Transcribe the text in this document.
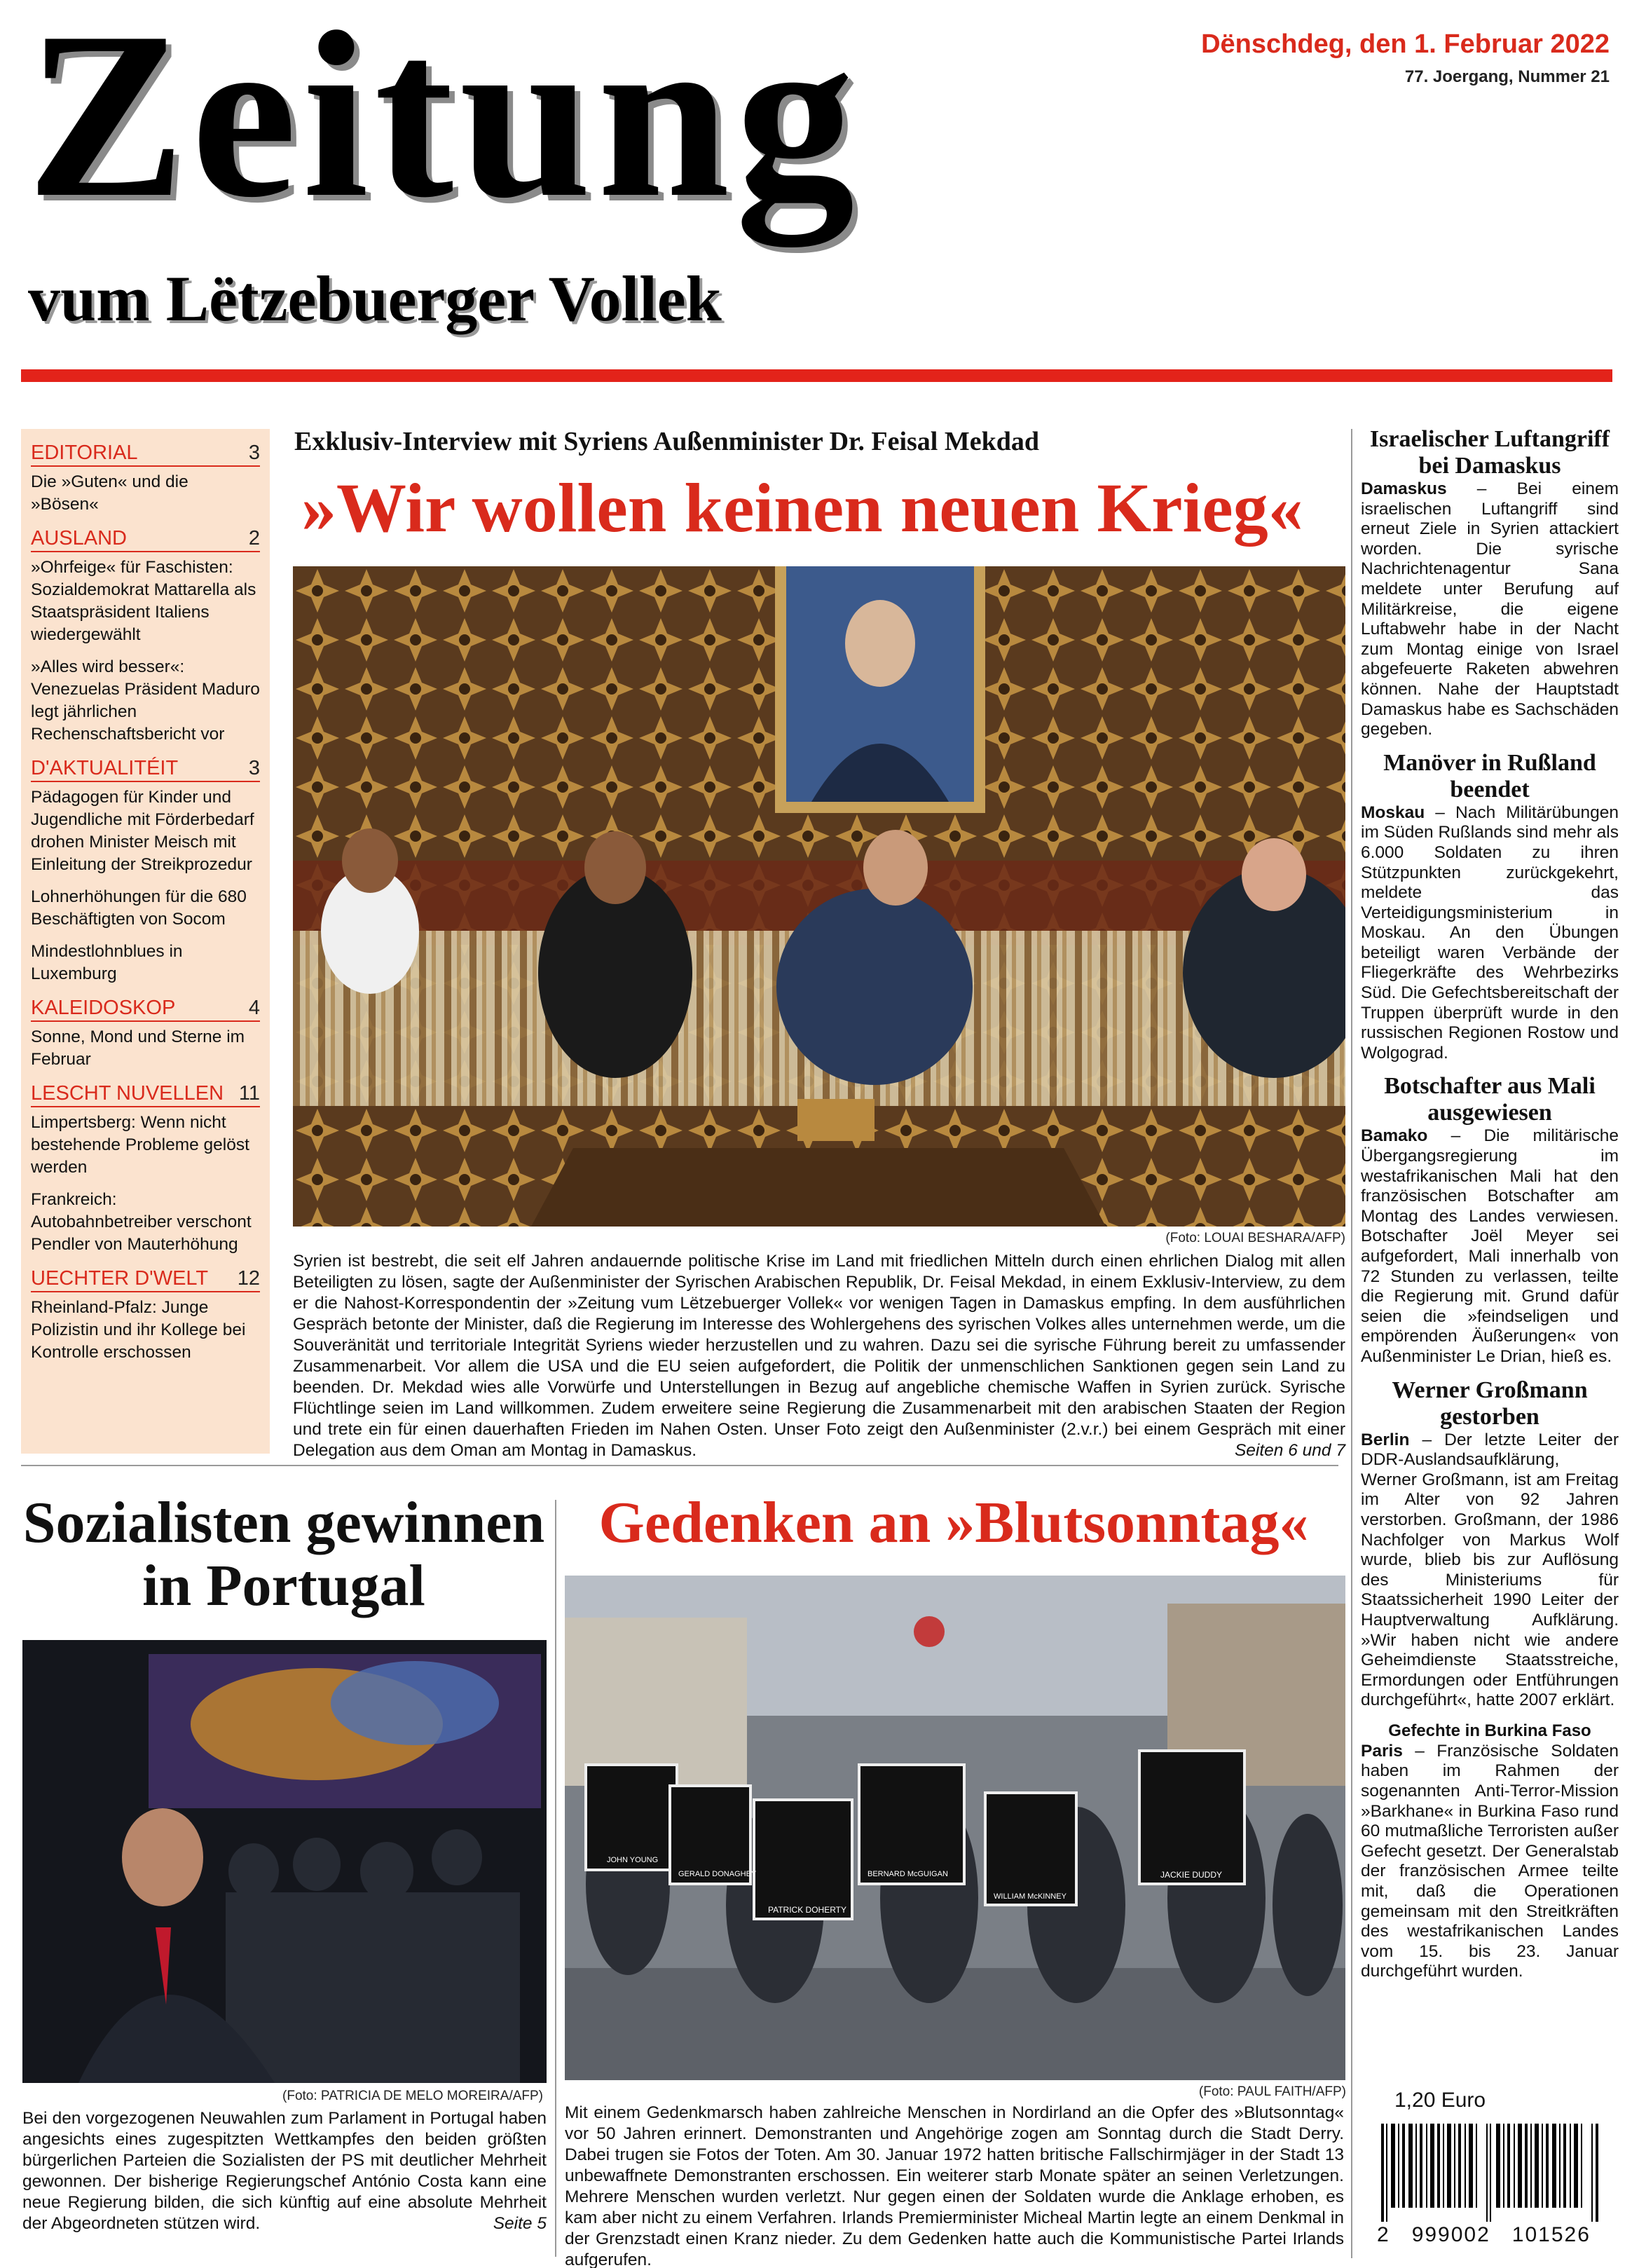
Zeitung
vum Lëtzebuerger Vollek
Dënschdeg, den 1. Februar 2022
77. Joergang, Nummer 21
EDITORIAL	3
Die »Guten« und die »Bösen«
AUSLAND	2
»Ohrfeige« für Faschisten: Sozialdemokrat Mattarella als Staatspräsident Italiens wiedergewählt
»Alles wird besser«: Venezuelas Präsident Maduro legt jährlichen Rechenschaftsbericht vor
D'AKTUALITÉIT	3
Pädagogen für Kinder und Jugendliche mit Förderbedarf drohen Minister Meisch mit Einleitung der Streikprozedur
Lohnerhöhungen für die 680 Beschäftigten von Socom
Mindestlohnblues in Luxemburg
KALEIDOSKOP	4
Sonne, Mond und Sterne im Februar
LESCHT NUVELLEN 11
Limpertsberg: Wenn nicht bestehende Probleme gelöst werden
Frankreich: Autobahnbetreiber verschont Pendler von Mauterhöhung
UECHTER D'WELT 12
Rheinland-Pfalz: Junge Polizistin und ihr Kollege bei Kontrolle erschossen
Exklusiv-Interview mit Syriens Außenminister Dr. Feisal Mekdad
»Wir wollen keinen neuen Krieg«
(Foto: LOUAI BESHARA/AFP)
Syrien ist bestrebt, die seit elf Jahren andauernde politische Krise im Land mit friedlichen Mitteln durch einen ehrlichen Dialog mit allen Beteiligten zu lösen, sagte der Außenminister der Syrischen Arabischen Republik, Dr. Feisal Mekdad, in einem Exklusiv-Interview, zu dem er die Nahost-Korrespondentin der »Zeitung vum Lëtzebuerger Vollek« vor wenigen Tagen in Damaskus empfing. In dem ausführlichen Gespräch betonte der Minister, daß die Regierung im Interesse des Wohlergehens des syrischen Volkes alles unternehmen werde, um die Souveränität und territoriale Integrität Syriens wieder herzustellen und zu wahren. Dazu sei die syrische Führung bereit zu umfassender Zusammenarbeit. Vor allem die USA und die EU seien aufgefordert, die Politik der unmenschlichen Sanktionen gegen sein Land zu beenden. Dr. Mekdad wies alle Vorwürfe und Unterstellungen in Bezug auf angebliche chemische Waffen in Syrien zurück. Syrische Flüchtlinge seien im Land willkommen. Zudem erweitere seine Regierung die Zusammenarbeit mit den arabischen Staaten der Region und trete ein für einen dauerhaften Frieden im Nahen Osten. Unser Foto zeigt den Außenminister (2.v.r.) bei einem Gespräch mit einer Delegation aus dem Oman am Montag in Damaskus.	Seiten 6 und 7
Israelischer Luftangriff bei Damaskus
Damaskus – Bei einem israelischen Luftangriff sind erneut Ziele in Syrien attackiert worden. Die syrische Nachrichtenagentur Sana meldete unter Berufung auf Militärkreise, die eigene Luftabwehr habe in der Nacht zum Montag einige von Israel abgefeuerte Raketen abwehren können. Nahe der Hauptstadt Damaskus habe es Sachschäden gegeben.
Manöver in Rußland beendet
Moskau – Nach Militärübungen im Süden Rußlands sind mehr als 6.000 Soldaten zu ihren Stützpunkten zurückgekehrt, meldete das Verteidigungsministerium in Moskau. An den Übungen beteiligt waren Verbände der Fliegerkräfte des Wehrbezirks Süd. Die Gefechtsbereitschaft der Truppen überprüft wurde in den russischen Regionen Rostow und Wolgograd.
Botschafter aus Mali ausgewiesen
Bamako – Die militärische Übergangsregierung im westafrikanischen Mali hat den französischen Botschafter am Montag des Landes verwiesen. Botschafter Joël Meyer sei aufgefordert, Mali innerhalb von 72 Stunden zu verlassen, teilte die Regierung mit. Grund dafür seien die »feindseligen und empörenden Äußerungen« von Außenminister Le Drian, hieß es.
Werner Großmann gestorben
Berlin – Der letzte Leiter der DDR-Auslandsaufklärung, Werner Großmann, ist am Freitag im Alter von 92 Jahren verstorben. Großmann, der 1986 Nachfolger von Markus Wolf wurde, blieb bis zur Auflösung des Ministeriums für Staatssicherheit 1990 Leiter der Hauptverwaltung Aufklärung. »Wir haben nicht wie andere Geheimdienste Staatsstreiche, Ermordungen oder Entführungen durchgeführt«, hatte 2007 erklärt.
Gefechte in Burkina Faso
Paris – Französische Soldaten haben im Rahmen der sogenannten Anti-Terror-Mission »Barkhane« in Burkina Faso rund 60 mutmaßliche Terroristen außer Gefecht gesetzt. Der Generalstab der französischen Armee teilte mit, daß die Operationen gemeinsam mit den Streitkräften des westafrikanischen Landes vom 15. bis 23. Januar durchgeführt wurden.
1,20 Euro
2   999002   101526
Sozialisten gewinnen
in Portugal
(Foto: PATRICIA DE MELO MOREIRA/AFP)
Bei den vorgezogenen Neuwahlen zum Parlament in Portugal haben angesichts eines zugespitzten Wettkampfes den beiden größten bürgerlichen Parteien die Sozialisten der PS mit deutlicher Mehrheit gewonnen. Der bisherige Regierungschef António Costa kann eine neue Regierung bilden, die sich künftig auf eine absolute Mehrheit der Abgeordneten stützen wird.	Seite 5
Gedenken an »Blutsonntag«
JOHN YOUNG
GERALD DONAGHEY
PATRICK DOHERTY
BERNARD McGUIGAN
WILLIAM McKINNEY
JACKIE DUDDY
(Foto: PAUL FAITH/AFP)
Mit einem Gedenkmarsch haben zahlreiche Menschen in Nordirland an die Opfer des »Blutsonntag« vor 50 Jahren erinnert. Demonstranten und Angehörige zogen am Sonntag durch die Stadt Derry. Dabei trugen sie Fotos der Toten. Am 30. Januar 1972 hatten britische Fallschirmjäger in der Stadt 13 unbewaffnete Demonstranten erschossen. Ein weiterer starb Monate später an seinen Verletzungen. Mehrere Menschen wurden verletzt. Nur gegen einen der Soldaten wurde die Anklage erhoben, es kam aber nicht zu einem Verfahren. Irlands Premierminister Micheal Martin legte an einem Denkmal in der Grenzstadt einen Kranz nieder. Zu dem Gedenken hatte auch die Kommunistische Partei Irlands aufgerufen.
